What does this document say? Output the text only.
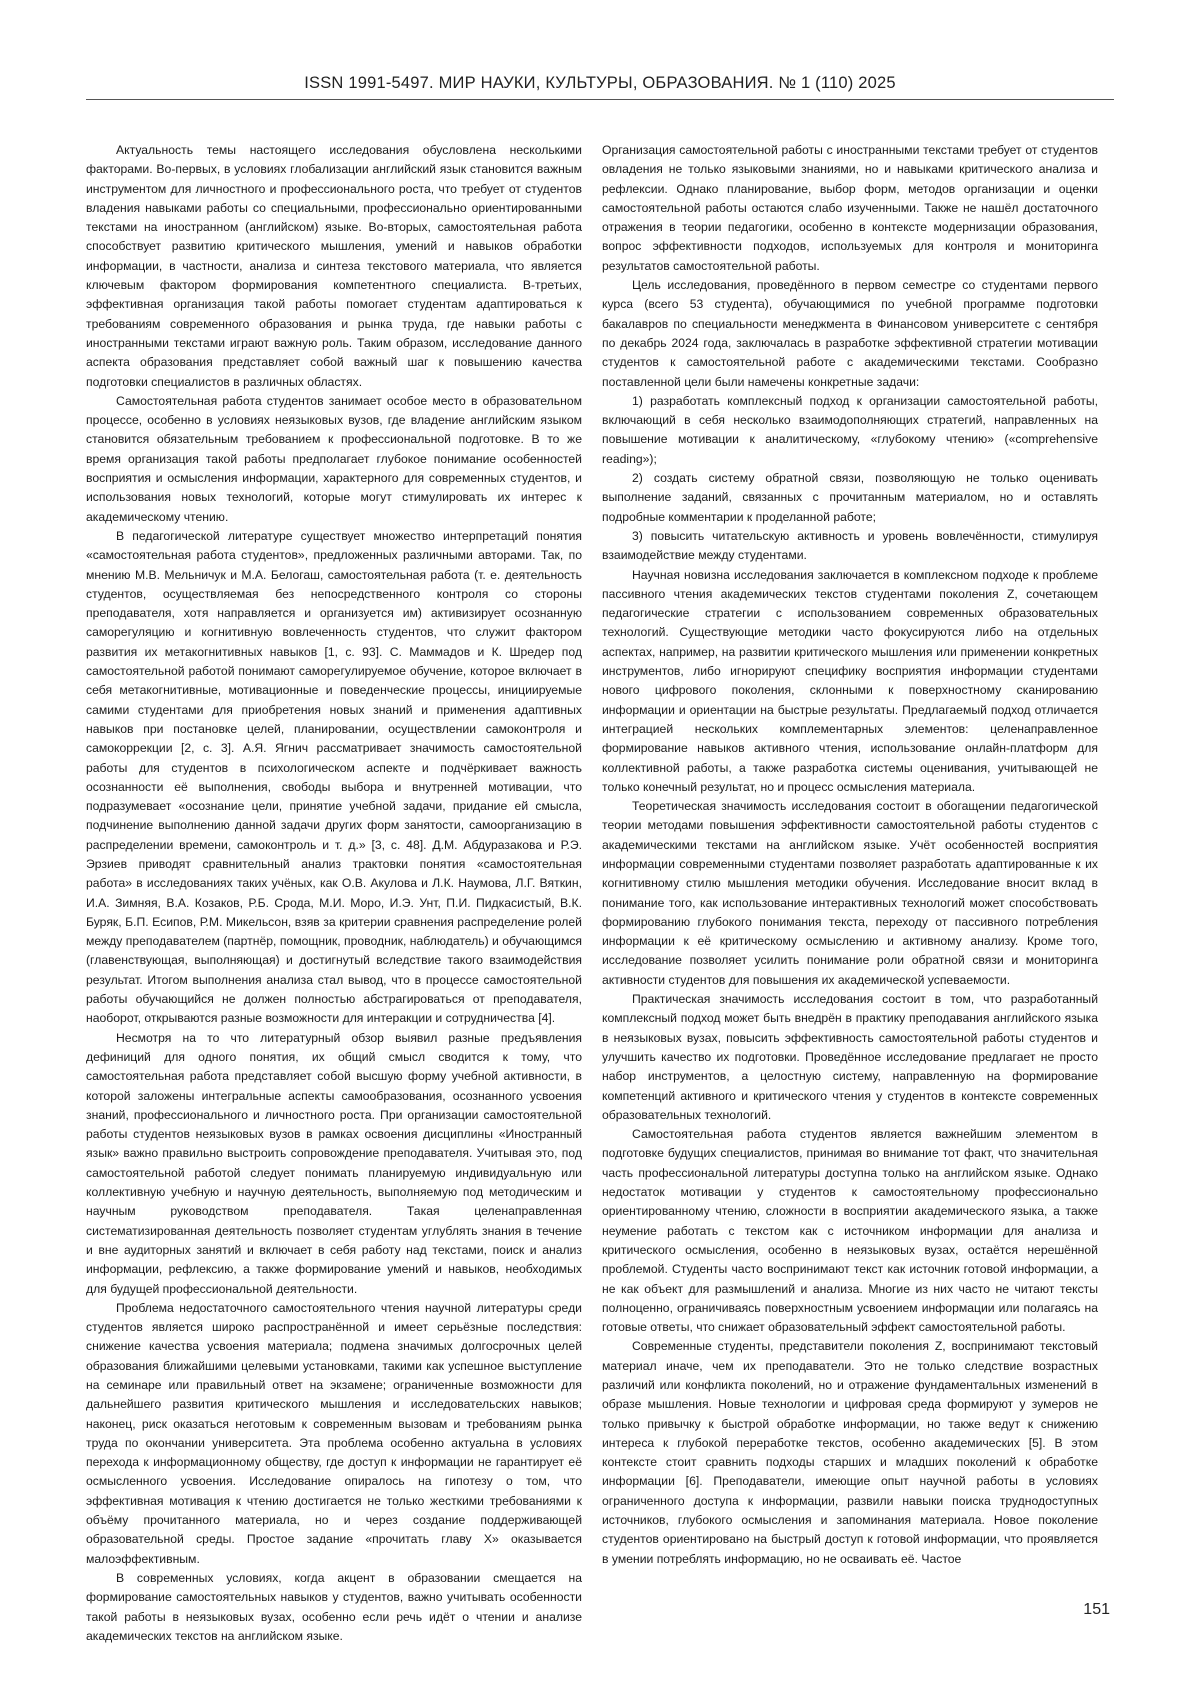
ISSN 1991-5497. МИР НАУКИ, КУЛЬТУРЫ, ОБРАЗОВАНИЯ. № 1 (110) 2025

Актуальность темы настоящего исследования обусловлена несколькими факторами. Во-первых, в условиях глобализации английский язык становится важным инструментом для личностного и профессионального роста, что требует от студентов владения навыками работы со специальными, профессионально ориентированными текстами на иностранном (английском) языке. Во-вторых, самостоятельная работа способствует развитию критического мышления, умений и навыков обработки информации, в частности, анализа и синтеза текстового материала, что является ключевым фактором формирования компетентного специалиста. В-третьих, эффективная организация такой работы помогает студентам адаптироваться к требованиям современного образования и рынка труда, где навыки работы с иностранными текстами играют важную роль. Таким образом, исследование данного аспекта образования представляет собой важный шаг к повышению качества подготовки специалистов в различных областях.

Самостоятельная работа студентов занимает особое место в образовательном процессе, особенно в условиях неязыковых вузов, где владение английским языком становится обязательным требованием к профессиональной подготовке. В то же время организация такой работы предполагает глубокое понимание особенностей восприятия и осмысления информации, характерного для современных студентов, и использования новых технологий, которые могут стимулировать их интерес к академическому чтению.

В педагогической литературе существует множество интерпретаций понятия «самостоятельная работа студентов», предложенных различными авторами. Так, по мнению М.В. Мельничук и М.А. Белогаш, самостоятельная работа (т. е. деятельность студентов, осуществляемая без непосредственного контроля со стороны преподавателя, хотя направляется и организуется им) активизирует осознанную саморегуляцию и когнитивную вовлеченность студентов, что служит фактором развития их метакогнитивных навыков [1, с. 93]. С. Маммадов и К. Шредер под самостоятельной работой понимают саморегулируемое обучение, которое включает в себя метакогнитивные, мотивационные и поведенческие процессы, инициируемые самими студентами для приобретения новых знаний и применения адаптивных навыков при постановке целей, планировании, осуществлении самоконтроля и самокоррекции [2, с. 3]. А.Я. Ягнич рассматривает значимость самостоятельной работы для студентов в психологическом аспекте и подчёркивает важность осознанности её выполнения, свободы выбора и внутренней мотивации, что подразумевает «осознание цели, принятие учебной задачи, придание ей смысла, подчинение выполнению данной задачи других форм занятости, самоорганизацию в распределении времени, самоконтроль и т. д.» [3, с. 48]. Д.М. Абдуразакова и Р.Э. Эрзиев приводят сравнительный анализ трактовки понятия «самостоятельная работа» в исследованиях таких учёных, как О.В. Акулова и Л.К. Наумова, Л.Г. Вяткин, И.А. Зимняя, В.А. Козаков, Р.Б. Срода, М.И. Моро, И.Э. Унт, П.И. Пидкасистый, В.К. Буряк, Б.П. Есипов, Р.М. Микельсон, взяв за критерии сравнения распределение ролей между преподавателем (партнёр, помощник, проводник, наблюдатель) и обучающимся (главенствующая, выполняющая) и достигнутый вследствие такого взаимодействия результат. Итогом выполнения анализа стал вывод, что в процессе самостоятельной работы обучающийся не должен полностью абстрагироваться от преподавателя, наоборот, открываются разные возможности для интеракции и сотрудничества [4].

Несмотря на то что литературный обзор выявил разные предъявления дефиниций для одного понятия, их общий смысл сводится к тому, что самостоятельная работа представляет собой высшую форму учебной активности, в которой заложены интегральные аспекты самообразования, осознанного усвоения знаний, профессионального и личностного роста. При организации самостоятельной работы студентов неязыковых вузов в рамках освоения дисциплины «Иностранный язык» важно правильно выстроить сопровождение преподавателя. Учитывая это, под самостоятельной работой следует понимать планируемую индивидуальную или коллективную учебную и научную деятельность, выполняемую под методическим и научным руководством преподавателя. Такая целенаправленная систематизированная деятельность позволяет студентам углублять знания в течение и вне аудиторных занятий и включает в себя работу над текстами, поиск и анализ информации, рефлексию, а также формирование умений и навыков, необходимых для будущей профессиональной деятельности.

Проблема недостаточного самостоятельного чтения научной литературы среди студентов является широко распространённой и имеет серьёзные последствия: снижение качества усвоения материала; подмена значимых долгосрочных целей образования ближайшими целевыми установками, такими как успешное выступление на семинаре или правильный ответ на экзамене; ограниченные возможности для дальнейшего развития критического мышления и исследовательских навыков; наконец, риск оказаться неготовым к современным вызовам и требованиям рынка труда по окончании университета. Эта проблема особенно актуальна в условиях перехода к информационному обществу, где доступ к информации не гарантирует её осмысленного усвоения. Исследование опиралось на гипотезу о том, что эффективная мотивация к чтению достигается не только жесткими требованиями к объёму прочитанного материала, но и через создание поддерживающей образовательной среды. Простое задание «прочитать главу Х» оказывается малоэффективным.

В современных условиях, когда акцент в образовании смещается на формирование самостоятельных навыков у студентов, важно учитывать особенности такой работы в неязыковых вузах, особенно если речь идёт о чтении и анализе академических текстов на английском языке.

Организация самостоятельной работы с иностранными текстами требует от студентов овладения не только языковыми знаниями, но и навыками критического анализа и рефлексии. Однако планирование, выбор форм, методов организации и оценки самостоятельной работы остаются слабо изученными. Также не нашёл достаточного отражения в теории педагогики, особенно в контексте модернизации образования, вопрос эффективности подходов, используемых для контроля и мониторинга результатов самостоятельной работы.

Цель исследования, проведённого в первом семестре со студентами первого курса (всего 53 студента), обучающимися по учебной программе подготовки бакалавров по специальности менеджмента в Финансовом университете с сентября по декабрь 2024 года, заключалась в разработке эффективной стратегии мотивации студентов к самостоятельной работе с академическими текстами. Сообразно поставленной цели были намечены конкретные задачи:

1) разработать комплексный подход к организации самостоятельной работы, включающий в себя несколько взаимодополняющих стратегий, направленных на повышение мотивации к аналитическому, «глубокому чтению» («comprehensive reading»);

2) создать систему обратной связи, позволяющую не только оценивать выполнение заданий, связанных с прочитанным материалом, но и оставлять подробные комментарии к проделанной работе;

3) повысить читательскую активность и уровень вовлечённости, стимулируя взаимодействие между студентами.

Научная новизна исследования заключается в комплексном подходе к проблеме пассивного чтения академических текстов студентами поколения Z, сочетающем педагогические стратегии с использованием современных образовательных технологий. Существующие методики часто фокусируются либо на отдельных аспектах, например, на развитии критического мышления или применении конкретных инструментов, либо игнорируют специфику восприятия информации студентами нового цифрового поколения, склонными к поверхностному сканированию информации и ориентации на быстрые результаты. Предлагаемый подход отличается интеграцией нескольких комплементарных элементов: целенаправленное формирование навыков активного чтения, использование онлайн-платформ для коллективной работы, а также разработка системы оценивания, учитывающей не только конечный результат, но и процесс осмысления материала.

Теоретическая значимость исследования состоит в обогащении педагогической теории методами повышения эффективности самостоятельной работы студентов с академическими текстами на английском языке. Учёт особенностей восприятия информации современными студентами позволяет разработать адаптированные к их когнитивному стилю мышления методики обучения. Исследование вносит вклад в понимание того, как использование интерактивных технологий может способствовать формированию глубокого понимания текста, переходу от пассивного потребления информации к её критическому осмыслению и активному анализу. Кроме того, исследование позволяет усилить понимание роли обратной связи и мониторинга активности студентов для повышения их академической успеваемости.

Практическая значимость исследования состоит в том, что разработанный комплексный подход может быть внедрён в практику преподавания английского языка в неязыковых вузах, повысить эффективность самостоятельной работы студентов и улучшить качество их подготовки. Проведённое исследование предлагает не просто набор инструментов, а целостную систему, направленную на формирование компетенций активного и критического чтения у студентов в контексте современных образовательных технологий.

Самостоятельная работа студентов является важнейшим элементом в подготовке будущих специалистов, принимая во внимание тот факт, что значительная часть профессиональной литературы доступна только на английском языке. Однако недостаток мотивации у студентов к самостоятельному профессионально ориентированному чтению, сложности в восприятии академического языка, а также неумение работать с текстом как с источником информации для анализа и критического осмысления, особенно в неязыковых вузах, остаётся нерешённой проблемой. Студенты часто воспринимают текст как источник готовой информации, а не как объект для размышлений и анализа. Многие из них часто не читают тексты полноценно, ограничиваясь поверхностным усвоением информации или полагаясь на готовые ответы, что снижает образовательный эффект самостоятельной работы.

Современные студенты, представители поколения Z, воспринимают текстовый материал иначе, чем их преподаватели. Это не только следствие возрастных различий или конфликта поколений, но и отражение фундаментальных изменений в образе мышления. Новые технологии и цифровая среда формируют у зумеров не только привычку к быстрой обработке информации, но также ведут к снижению интереса к глубокой переработке текстов, особенно академических [5]. В этом контексте стоит сравнить подходы старших и младших поколений к обработке информации [6]. Преподаватели, имеющие опыт научной работы в условиях ограниченного доступа к информации, развили навыки поиска труднодоступных источников, глубокого осмысления и запоминания материала. Новое поколение студентов ориентировано на быстрый доступ к готовой информации, что проявляется в умении потреблять информацию, но не осваивать её. Частое

151
